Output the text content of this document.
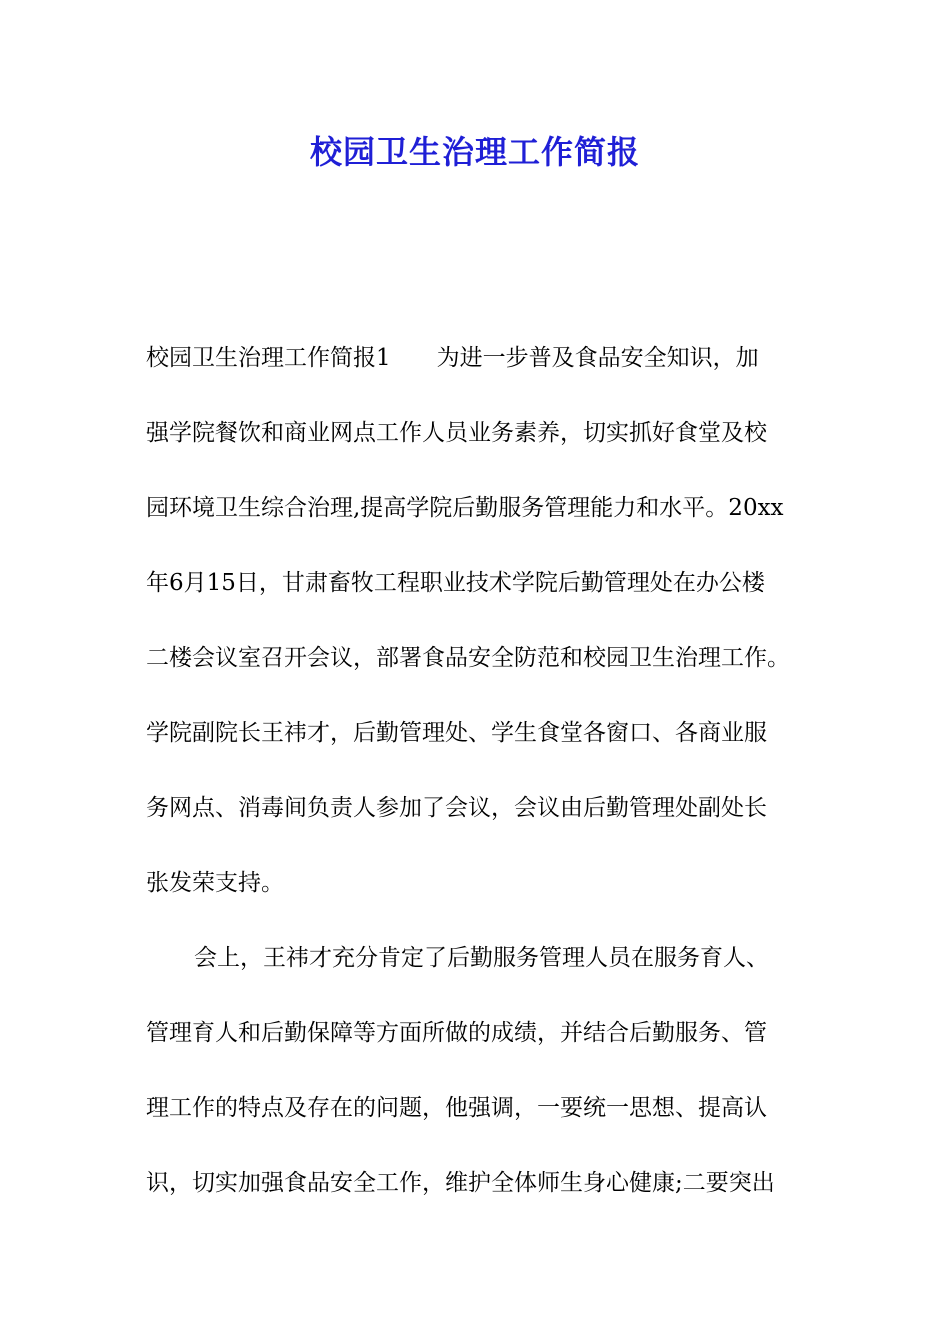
校园卫生治理工作简报
校园卫生治理工作简报1　　为进一步普及食品安全知识，加
强学院餐饮和商业网点工作人员业务素养，切实抓好食堂及校
园环境卫生综合治理,提高学院后勤服务管理能力和水平。20xx
年6月15日，甘肃畜牧工程职业技术学院后勤管理处在办公楼
二楼会议室召开会议，部署食品安全防范和校园卫生治理工作。
学院副院长王祎才，后勤管理处、学生食堂各窗口、各商业服
务网点、消毒间负责人参加了会议，会议由后勤管理处副处长
张发荣支持。
会上，王祎才充分肯定了后勤服务管理人员在服务育人、
管理育人和后勤保障等方面所做的成绩，并结合后勤服务、管
理工作的特点及存在的问题，他强调，一要统一思想、提高认
识，切实加强食品安全工作，维护全体师生身心健康;二要突出
